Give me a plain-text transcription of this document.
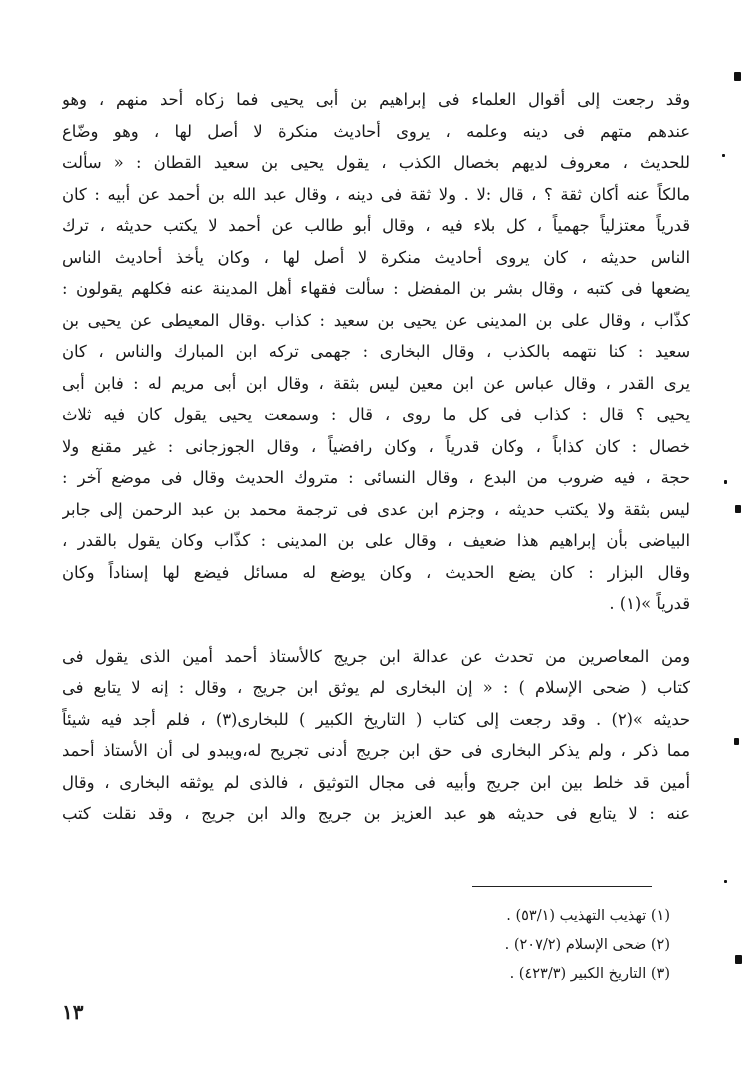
وقد رجعت إلى أقوال العلماء فى إبراهيم بن أبى يحيى فما زكاه أحد منهم ، وهو
عندهم متهم فى دينه وعلمه ، يروى أحاديث منكرة لا أصل لها ، وهو وضّاع
للحديث ، معروف لديهم بخصال الكذب ، يقول يحيى بن سعيد القطان : « سألت
مالكاً عنه أكان ثقة ؟ ، قال :لا . ولا ثقة فى دينه ، وقال عبد الله بن أحمد عن أبيه : كان
قدرياً معتزلياً جهمياً ، كل بلاء فيه ، وقال أبو طالب عن أحمد لا يكتب حديثه ، ترك
الناس حديثه ، كان يروى أحاديث منكرة لا أصل لها ، وكان يأخذ أحاديث الناس
يضعها فى كتبه ، وقال بشر بن المفضل : سألت فقهاء أهل المدينة عنه فكلهم يقولون :
كذّاب ، وقال على بن المدينى عن يحيى بن سعيد : كذاب .وقال المعيطى عن يحيى بن
سعيد : كنا نتهمه بالكذب ، وقال البخارى : جهمى تركه ابن المبارك والناس ، كان
يرى القدر ، وقال عباس عن ابن معين ليس بثقة ، وقال ابن أبى مريم له : فابن أبى
يحيى ؟ قال : كذاب فى كل ما روى ، قال : وسمعت يحيى يقول كان فيه ثلاث
خصال : كان كذاباً ، وكان قدرياً ، وكان رافضياً ، وقال الجوزجانى : غير مقنع ولا
حجة ، فيه ضروب من البدع ، وقال النسائى : متروك الحديث وقال فى موضع آخر :
ليس بثقة ولا يكتب حديثه ، وجزم ابن عدى فى ترجمة محمد بن عبد الرحمن إلى جابر
البياضى بأن إبراهيم هذا ضعيف ، وقال على بن المدينى : كذّاب وكان يقول بالقدر ،
وقال البزار : كان يضع الحديث ، وكان يوضع له مسائل فيضع لها إسناداً وكان
قدرياً »(١) .
ومن المعاصرين من تحدث عن عدالة ابن جريج كالأستاذ أحمد أمين الذى يقول فى
كتاب ( ضحى الإسلام ) : « إن البخارى لم يوثق ابن جريج ، وقال : إنه لا يتابع فى
حديثه »(٢) . وقد رجعت إلى كتاب ( التاريخ الكبير ) للبخارى(٣) ، فلم أجد فيه شيئاً
مما ذكر ، ولم يذكر البخارى فى حق ابن جريج أدنى تجريح له،ويبدو لى أن الأستاذ أحمد
أمين قد خلط بين ابن جريج وأبيه فى مجال التوثيق ، فالذى لم يوثقه البخارى ، وقال
عنه : لا يتابع فى حديثه هو عبد العزيز بن جريج والد ابن جريج ، وقد نقلت كتب
(١) تهذيب التهذيب (٥٣/١) .
(٢) ضحى الإسلام (٢٠٧/٢) .
(٣) التاريخ الكبير (٤٢٣/٣) .
١٣
